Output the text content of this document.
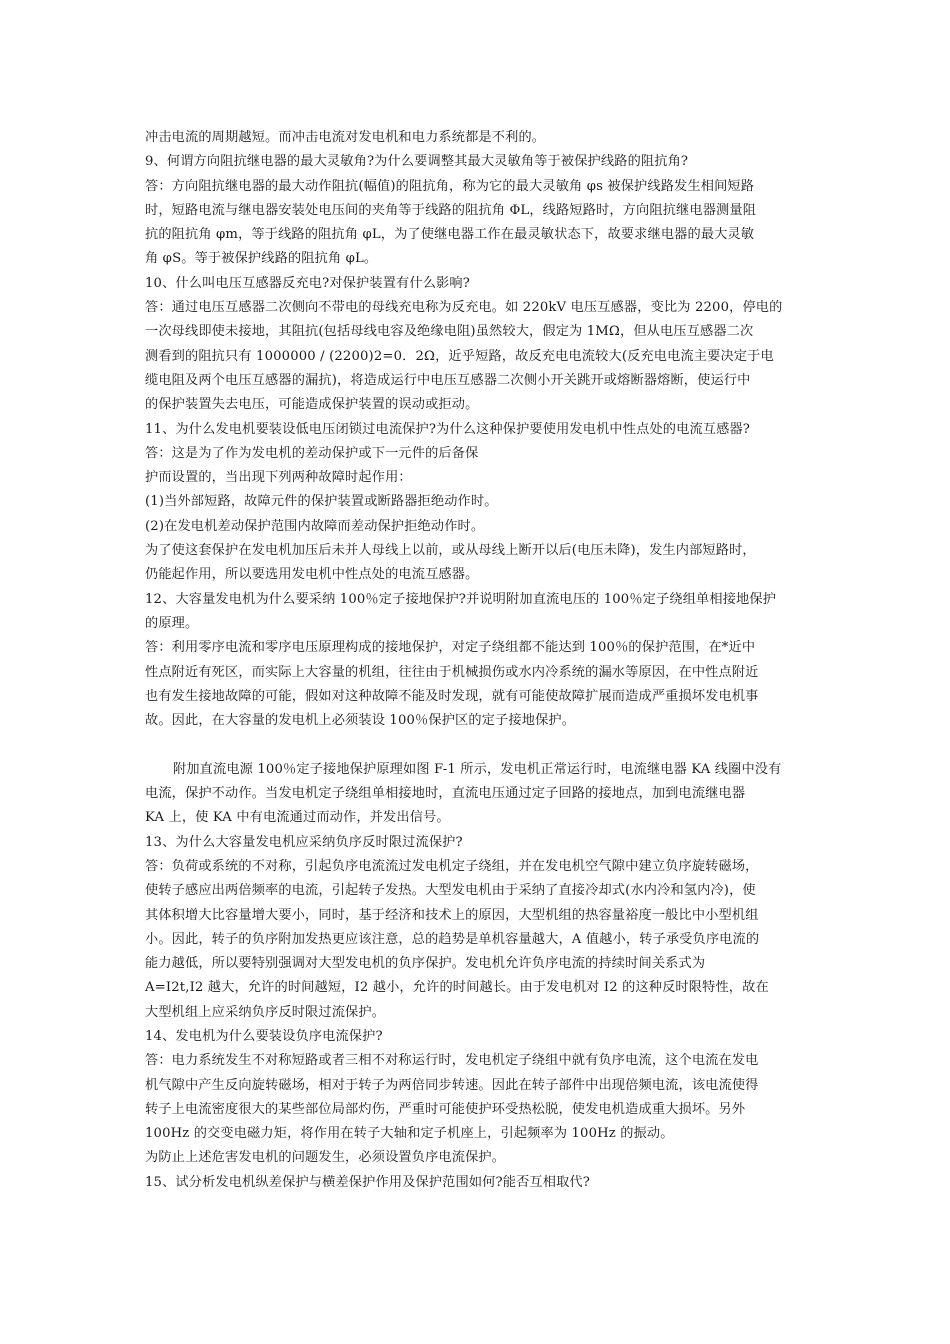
冲击电流的周期越短。而冲击电流对发电机和电力系统都是不利的。
9、何谓方向阻抗继电器的最大灵敏角?为什么要调整其最大灵敏角等于被保护线路的阻抗角?
答：方向阻抗继电器的最大动作阻抗(幅值)的阻抗角，称为它的最大灵敏角 φs 被保护线路发生相间短路
时，短路电流与继电器安装处电压间的夹角等于线路的阻抗角 ΦL，线路短路时，方向阻抗继电器测量阻
抗的阻抗角 φm，等于线路的阻抗角 φL，为了使继电器工作在最灵敏状态下，故要求继电器的最大灵敏
角 φS。等于被保护线路的阻抗角 φL。
10、什么叫电压互感器反充电?对保护装置有什么影响?
答：通过电压互感器二次侧向不带电的母线充电称为反充电。如 220kV 电压互感器，变比为 2200，停电的
一次母线即使未接地，其阻抗(包括母线电容及绝缘电阻)虽然较大，假定为 1MΩ，但从电压互感器二次
测看到的阻抗只有 1000000 / (2200)2=0．2Ω，近乎短路，故反充电电流较大(反充电电流主要决定于电
缆电阻及两个电压互感器的漏抗)，将造成运行中电压互感器二次侧小开关跳开或熔断器熔断，使运行中
的保护装置失去电压，可能造成保护装置的误动或拒动。
11、为什么发电机要装设低电压闭锁过电流保护?为什么这种保护要使用发电机中性点处的电流互感器?
答：这是为了作为发电机的差动保护或下一元件的后备保
护而设置的，当出现下列两种故障时起作用：
(1)当外部短路，故障元件的保护装置或断路器拒绝动作时。
(2)在发电机差动保护范围内故障而差动保护拒绝动作时。
为了使这套保护在发电机加压后未并人母线上以前，或从母线上断开以后(电压未降)，发生内部短路时，
仍能起作用，所以要选用发电机中性点处的电流互感器。
12、大容量发电机为什么要采纳 100％定子接地保护?并说明附加直流电压的 100％定子绕组单相接地保护
的原理。
答：利用零序电流和零序电压原理构成的接地保护，对定子绕组都不能达到 100％的保护范围，在*近中
性点附近有死区，而实际上大容量的机组，往往由于机械损伤或水内冷系统的漏水等原因，在中性点附近
也有发生接地故障的可能，假如对这种故障不能及时发现，就有可能使故障扩展而造成严重损坏发电机事
故。因此，在大容量的发电机上必须装设 100％保护区的定子接地保护。
附加直流电源 100％定子接地保护原理如图 F-1 所示，发电机正常运行时，电流继电器 KA 线圈中没有
电流，保护不动作。当发电机定子绕组单相接地时，直流电压通过定子回路的接地点，加到电流继电器
KA 上，使 KA 中有电流通过而动作，并发出信号。
13、为什么大容量发电机应采纳负序反时限过流保护?
答：负荷或系统的不对称，引起负序电流流过发电机定子绕组，并在发电机空气隙中建立负序旋转磁场，
使转子感应出两倍频率的电流，引起转子发热。大型发电机由于采纳了直接冷却式(水内冷和氢内冷)，使
其体积增大比容量增大要小，同时，基于经济和技术上的原因，大型机组的热容量裕度一般比中小型机组
小。因此，转子的负序附加发热更应该注意，总的趋势是单机容量越大，A 值越小，转子承受负序电流的
能力越低，所以要特别强调对大型发电机的负序保护。发电机允许负序电流的持续时间关系式为
A=I2t,I2 越大，允许的时间越短，I2 越小，允许的时间越长。由于发电机对 I2 的这种反时限特性，故在
大型机组上应采纳负序反时限过流保护。
14、发电机为什么要装设负序电流保护?
答：电力系统发生不对称短路或者三相不对称运行时，发电机定子绕组中就有负序电流，这个电流在发电
机气隙中产生反向旋转磁场，相对于转子为两倍同步转速。因此在转子部件中出现倍频电流，该电流使得
转子上电流密度很大的某些部位局部灼伤，严重时可能使护环受热松脱，使发电机造成重大损坏。另外
100Hz 的交变电磁力矩，将作用在转子大轴和定子机座上，引起频率为 100Hz 的振动。
为防止上述危害发电机的问题发生，必须设置负序电流保护。
15、试分析发电机纵差保护与横差保护作用及保护范围如何?能否互相取代?
